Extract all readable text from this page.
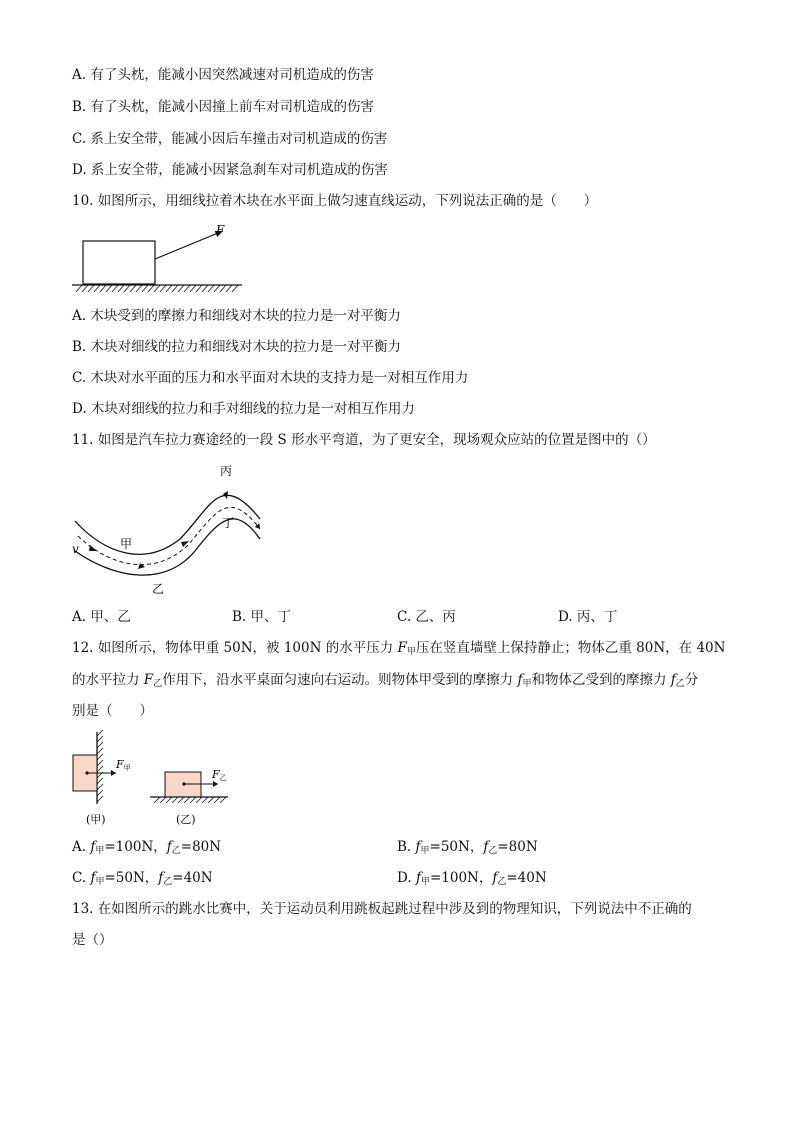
A. 有了头枕，能减小因突然减速对司机造成的伤害
B. 有了头枕，能减小因撞上前车对司机造成的伤害
C. 系上安全带，能减小因后车撞击对司机造成的伤害
D. 系上安全带，能减小因紧急刹车对司机造成的伤害
10. 如图所示，用细线拉着木块在水平面上做匀速直线运动，下列说法正确的是（　　）
F
A. 木块受到的摩擦力和细线对木块的拉力是一对平衡力
B. 木块对细线的拉力和细线对木块的拉力是一对平衡力
C. 木块对水平面的压力和水平面对木块的支持力是一对相互作用力
D. 木块对细线的拉力和手对细线的拉力是一对相互作用力
11. 如图是汽车拉力赛途经的一段 S 形水平弯道，为了更安全，现场观众应站的位置是图中的（）
丙
丁
甲
乙
v
A. 甲、乙	B. 甲、丁	C. 乙、丙	D. 丙、丁
12. 如图所示，物体甲重 50N，被 100N 的水平压力 $F_甲$压在竖直墙壁上保持静止；物体乙重 80N，在 40N
的水平拉力 $F_乙$作用下，沿水平桌面匀速向右运动。则物体甲受到的摩擦力 $f_甲$和物体乙受到的摩擦力 $f_乙$分
别是（　　）
F甲	F乙
(甲)	(乙)
A. $f_甲=100N$，$f_乙=80N$	B. $f_甲=50N$，$f_乙=80N$
C. $f_甲=50N$，$f_乙=40N$	D. $f_甲=100N$，$f_乙=40N$
13. 在如图所示的跳水比赛中，关于运动员利用跳板起跳过程中涉及到的物理知识，下列说法中不正确的
是（）
